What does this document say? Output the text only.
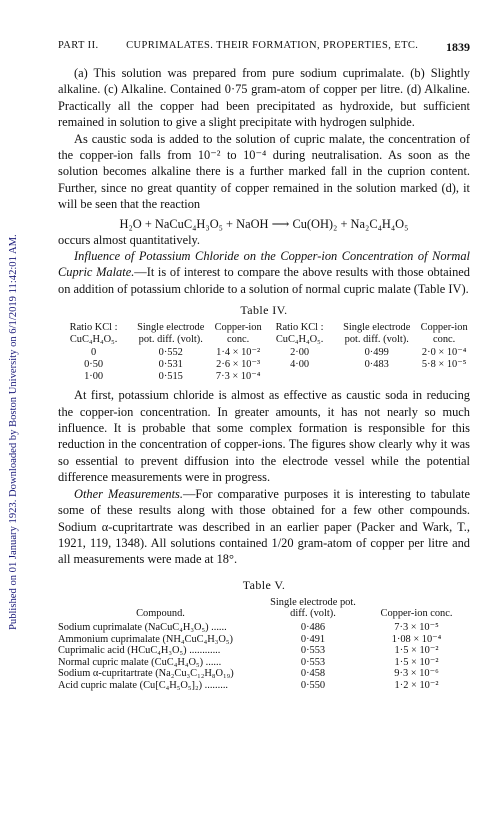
Published on 01 January 1923. Downloaded by Boston University on 6/1/2019 11:42:01 AM.
PART II.	CUPRIMALATES. THEIR FORMATION, PROPERTIES, ETC. 1839

(a) This solution was prepared from pure sodium cuprimalate. (b) Slightly alkaline. (c) Alkaline. Contained 0·75 gram-atom of copper per litre. (d) Alkaline. Practically all the copper had been precipitated as hydroxide, but sufficient remained in solution to give a slight precipitate with hydrogen sulphide.

As caustic soda is added to the solution of cupric malate, the concentration of the copper-ion falls from 10⁻² to 10⁻⁴ during neutralisation. As soon as the solution becomes alkaline there is a further marked fall in the cuprion content. Further, since no great quantity of copper remained in the solution marked (d), it will be seen that the reaction

H₂O + NaCuC₄H₃O₅ + NaOH ⟶ Cu(OH)₂ + Na₂C₄H₄O₅

occurs almost quantitatively.

Influence of Potassium Chloride on the Copper-ion Concentration of Normal Cupric Malate.—It is of interest to compare the above results with those obtained on addition of potassium chloride to a solution of normal cupric malate (Table IV).

Table IV.
Ratio KCl : CuC₄H₄O₅.	Single electrode pot. diff. (volt).	Copper-ion conc.	Ratio KCl : CuC₄H₄O₅.	Single electrode pot. diff. (volt).	Copper-ion conc.
0	0·552	1·4 × 10⁻²	2·00	0·499	2·0 × 10⁻⁴
0·50	0·531	2·6 × 10⁻³	4·00	0·483	5·8 × 10⁻⁵
1·00	0·515	7·3 × 10⁻⁴			

At first, potassium chloride is almost as effective as caustic soda in reducing the copper-ion concentration. In greater amounts, it has not nearly so much influence. It is probable that some complex formation is responsible for this reduction in the concentration of copper-ions. The figures show clearly why it was so essential to prevent diffusion into the electrode vessel while the potential difference measurements were in progress.

Other Measurements.—For comparative purposes it is interesting to tabulate some of these results along with those obtained for a few other compounds. Sodium α-cupritartrate was described in an earlier paper (Packer and Wark, T., 1921, 119, 1348). All solutions contained 1/20 gram-atom of copper per litre and all measurements were made at 18°.

Table V.
Compound.	Single electrode pot. diff. (volt).	Copper-ion conc.
Sodium cuprimalate (NaCuC₄H₃O₅) ......	0·486	7·3 × 10⁻⁵
Ammonium cuprimalate (NH₄CuC₄H₃O₅)	0·491	1·08 × 10⁻⁴
Cuprimalic acid (HCuC₄H₃O₅) ............	0·553	1·5 × 10⁻²
Normal cupric malate (CuC₄H₄O₅) ......	0·553	1·5 × 10⁻²
Sodium α-cupritartrate (Na₂Cu₃C₁₂H₈O₁₉)	0·458	9·3 × 10⁻⁶
Acid cupric malate (Cu[C₄H₅O₅]₂) .........	0·550	1·2 × 10⁻²
